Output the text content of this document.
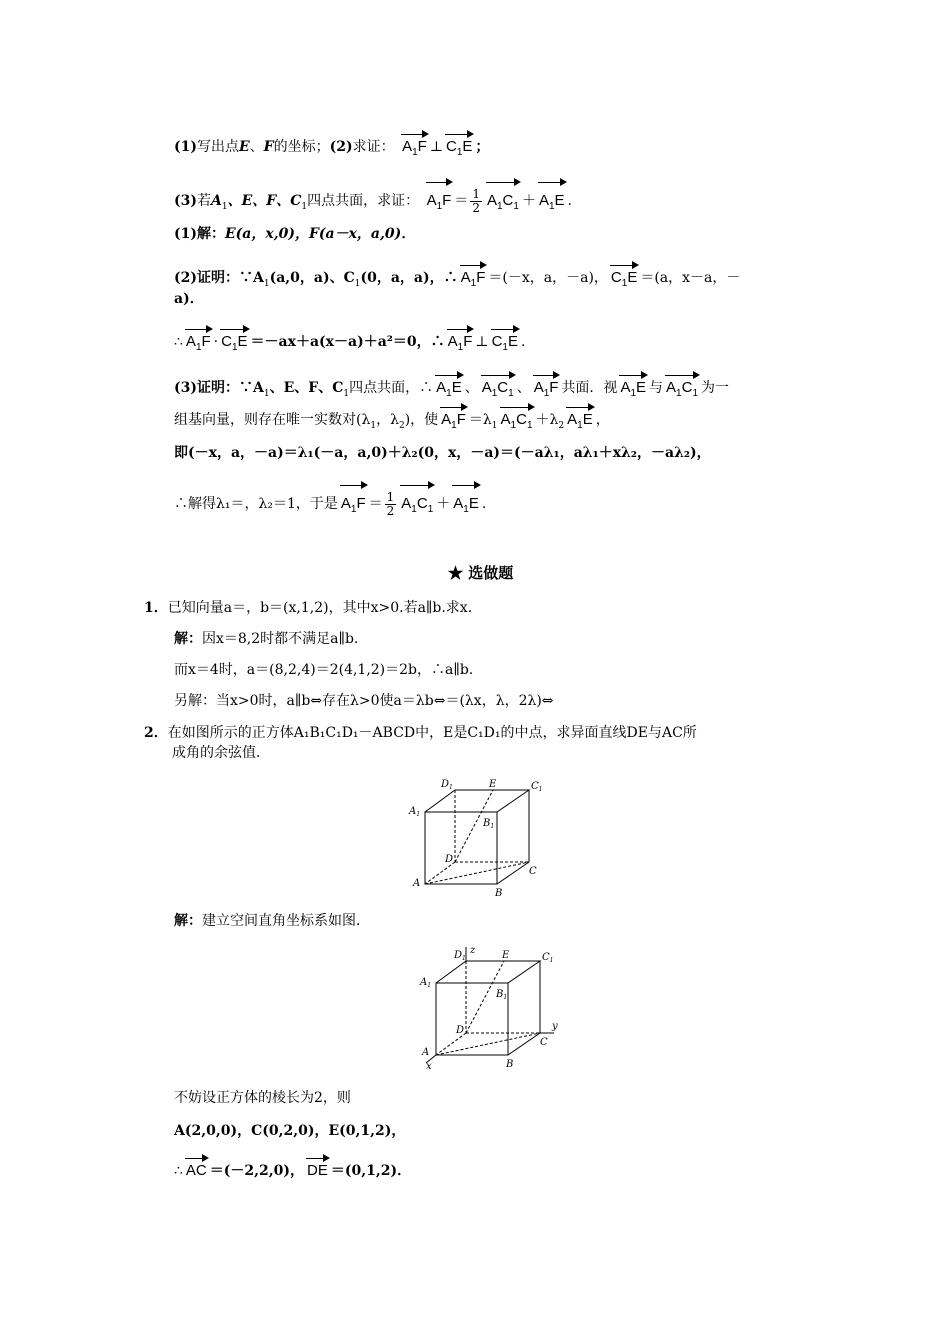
(1)写出点E、F的坐标；(2)求证： $A_1F$ ⊥ $C_1E$ ；
(3)若$A_1$、E、F、$C_1$四点共面，求证： $A_1F = \frac{1}{2} A_1C_1 + A_1E$ .
(1)解：E(a，x,0)，F(a－x，a,0)．
(2)证明：$\because A_1(a,0$，a)、$C_1(0$，a，a)，∴ $A_1F =(-x$，a，－a)， $C_1E =(a$，x－a，－
a)．
∴ $A_1F \cdot C_1E =-ax+a(x-a)+a^2=0$，∴ $A_1F$ ⊥ $C_1E$ .
(3)证明：$\because A_1$、E、F、$C_1$四点共面，∴ $A_1E$ 、 $A_1C_1$ 、 $A_1F$ 共面．视 $A_1E$ 与 $A_1C_1$ 为一
组基向量，则存在唯一实数对($\lambda_1$，$\lambda_2$)，使 $A_1F =\lambda_1$ $A_1C_1 +\lambda_2$ $A_1E$ ，
即(－x，a，－a)＝λ₁(－a，a,0)＋λ₂(0，x，－a)＝(－aλ₁，aλ₁＋xλ₂，－aλ₂)，
∴解得λ₁＝，λ₂＝1，于是 $A_1F = \frac{1}{2} A_1C_1 + A_1E$ .
★ 选做题
1．已知向量a＝，b＝(x,1,2)，其中x>0.若a∥b.求x.
解：因x＝8,2时都不满足a∥b.
而x＝4时，a＝(8,2,4)＝2(4,1,2)＝2b，∴a∥b.
另解：当x>0时，a∥b⇔存在λ>0使a＝λb⇔＝(λx，λ，2λ)⇔
2．在如图所示的正方体A₁B₁C₁D₁－ABCD中，E是C₁D₁的中点，求异面直线DE与AC所
成角的余弦值．
$D_1$	E	$C_1$
$A_1$
$B_1$
D
C
A
B
解：建立空间直角坐标系如图．
$D_1$
z	E	$C_1$
$A_1$
$B_1$
D	y
C
A
x	B
不妨设正方体的棱长为2，则
A(2,0,0)，C(0,2,0)，E(0,1,2)，
∴ AC ＝(－2,2,0)， DE ＝(0,1,2)．
